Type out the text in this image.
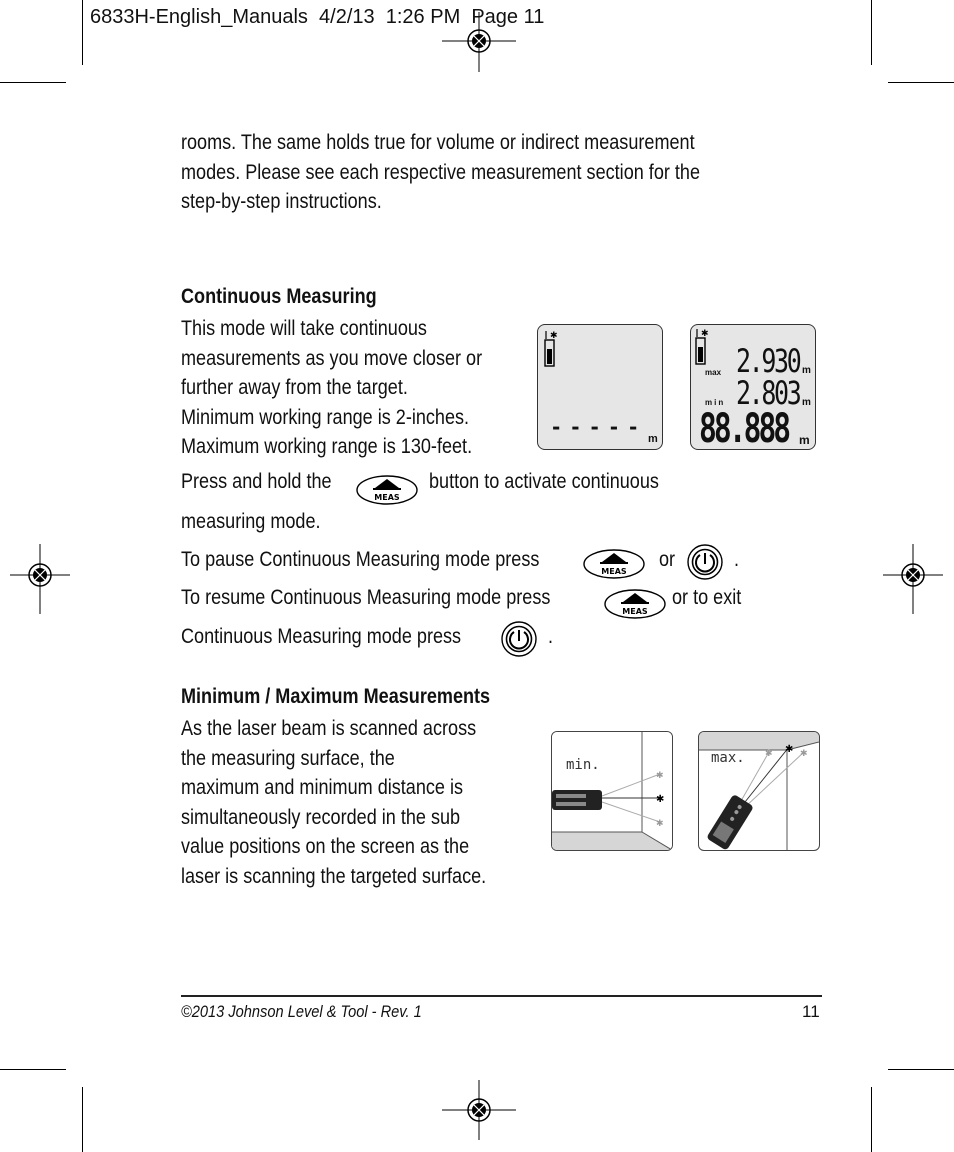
6833H-English_Manuals  4/2/13  1:26 PM  Page 11
rooms. The same holds true for volume or indirect measurement
modes. Please see each respective measurement section for the
step-by-step instructions.
Continuous Measuring
This mode will take continuous
measurements as you move closer or
further away from the target.
Minimum working range is 2-inches.
Maximum working range is 130-feet.
✱
- - - - - m
✱
max 2.930 m
min 2.803 m
88.888 m
Press and hold the
MEAS
button to activate continuous
measuring mode.
To pause Continuous Measuring mode press
MEAS
or	.
To resume Continuous Measuring mode press
MEAS
or to exit
Continuous Measuring mode press	.
Minimum / Maximum Measurements
As the laser beam is scanned across
the measuring surface, the
maximum and minimum distance is
simultaneously recorded in the sub
value positions on the screen as the
laser is scanning the targeted surface.
✱
✱
✱
min.
✱
✱	✱
max.
©2013 Johnson Level & Tool - Rev. 1	11
